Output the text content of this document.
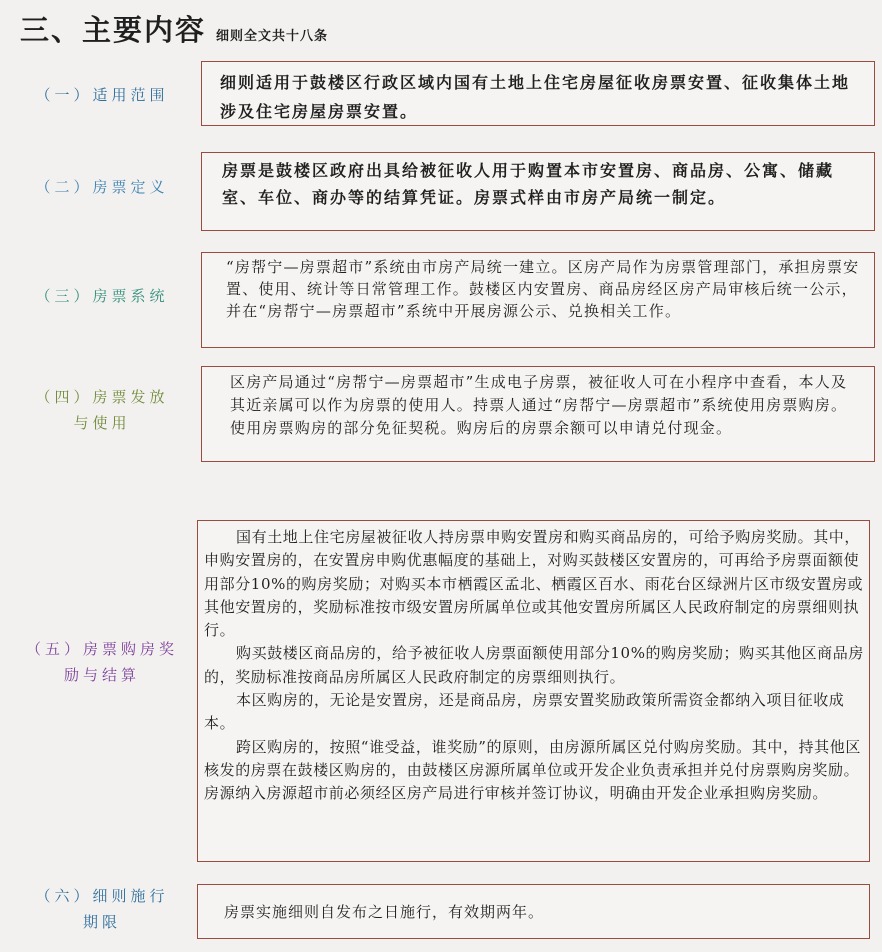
三、主要内容 细则全文共十八条
（一）适用范围

细则适用于鼓楼区行政区域内国有土地上住宅房屋征收房票安置、征收集体土地涉及住宅房屋房票安置。

（二）房票定义

房票是鼓楼区政府出具给被征收人用于购置本市安置房、商品房、公寓、储藏室、车位、商办等的结算凭证。房票式样由市房产局统一制定。

（三）房票系统

“房帮宁—房票超市”系统由市房产局统一建立。区房产局作为房票管理部门，承担房票安置、使用、统计等日常管理工作。鼓楼区内安置房、商品房经区房产局审核后统一公示，并在“房帮宁—房票超市”系统中开展房源公示、兑换相关工作。

（四）房票发放
与使用

区房产局通过“房帮宁—房票超市”生成电子房票，被征收人可在小程序中查看，本人及其近亲属可以作为房票的使用人。持票人通过“房帮宁—房票超市”系统使用房票购房。使用房票购房的部分免征契税。购房后的房票余额可以申请兑付现金。

（五）房票购房奖
励与结算

国有土地上住宅房屋被征收人持房票申购安置房和购买商品房的，可给予购房奖励。其中，申购安置房的，在安置房申购优惠幅度的基础上，对购买鼓楼区安置房的，可再给予房票面额使用部分10%的购房奖励；对购买本市栖霞区孟北、栖霞区百水、雨花台区绿洲片区市级安置房或其他安置房的，奖励标准按市级安置房所属单位或其他安置房所属区人民政府制定的房票细则执行。

购买鼓楼区商品房的，给予被征收人房票面额使用部分10%的购房奖励；购买其他区商品房的，奖励标准按商品房所属区人民政府制定的房票细则执行。

本区购房的，无论是安置房，还是商品房，房票安置奖励政策所需资金都纳入项目征收成本。

跨区购房的，按照“谁受益，谁奖励”的原则，由房源所属区兑付购房奖励。其中，持其他区核发的房票在鼓楼区购房的，由鼓楼区房源所属单位或开发企业负责承担并兑付房票购房奖励。房源纳入房源超市前必须经区房产局进行审核并签订协议，明确由开发企业承担购房奖励。

（六）细则施行
期限

房票实施细则自发布之日施行，有效期两年。
